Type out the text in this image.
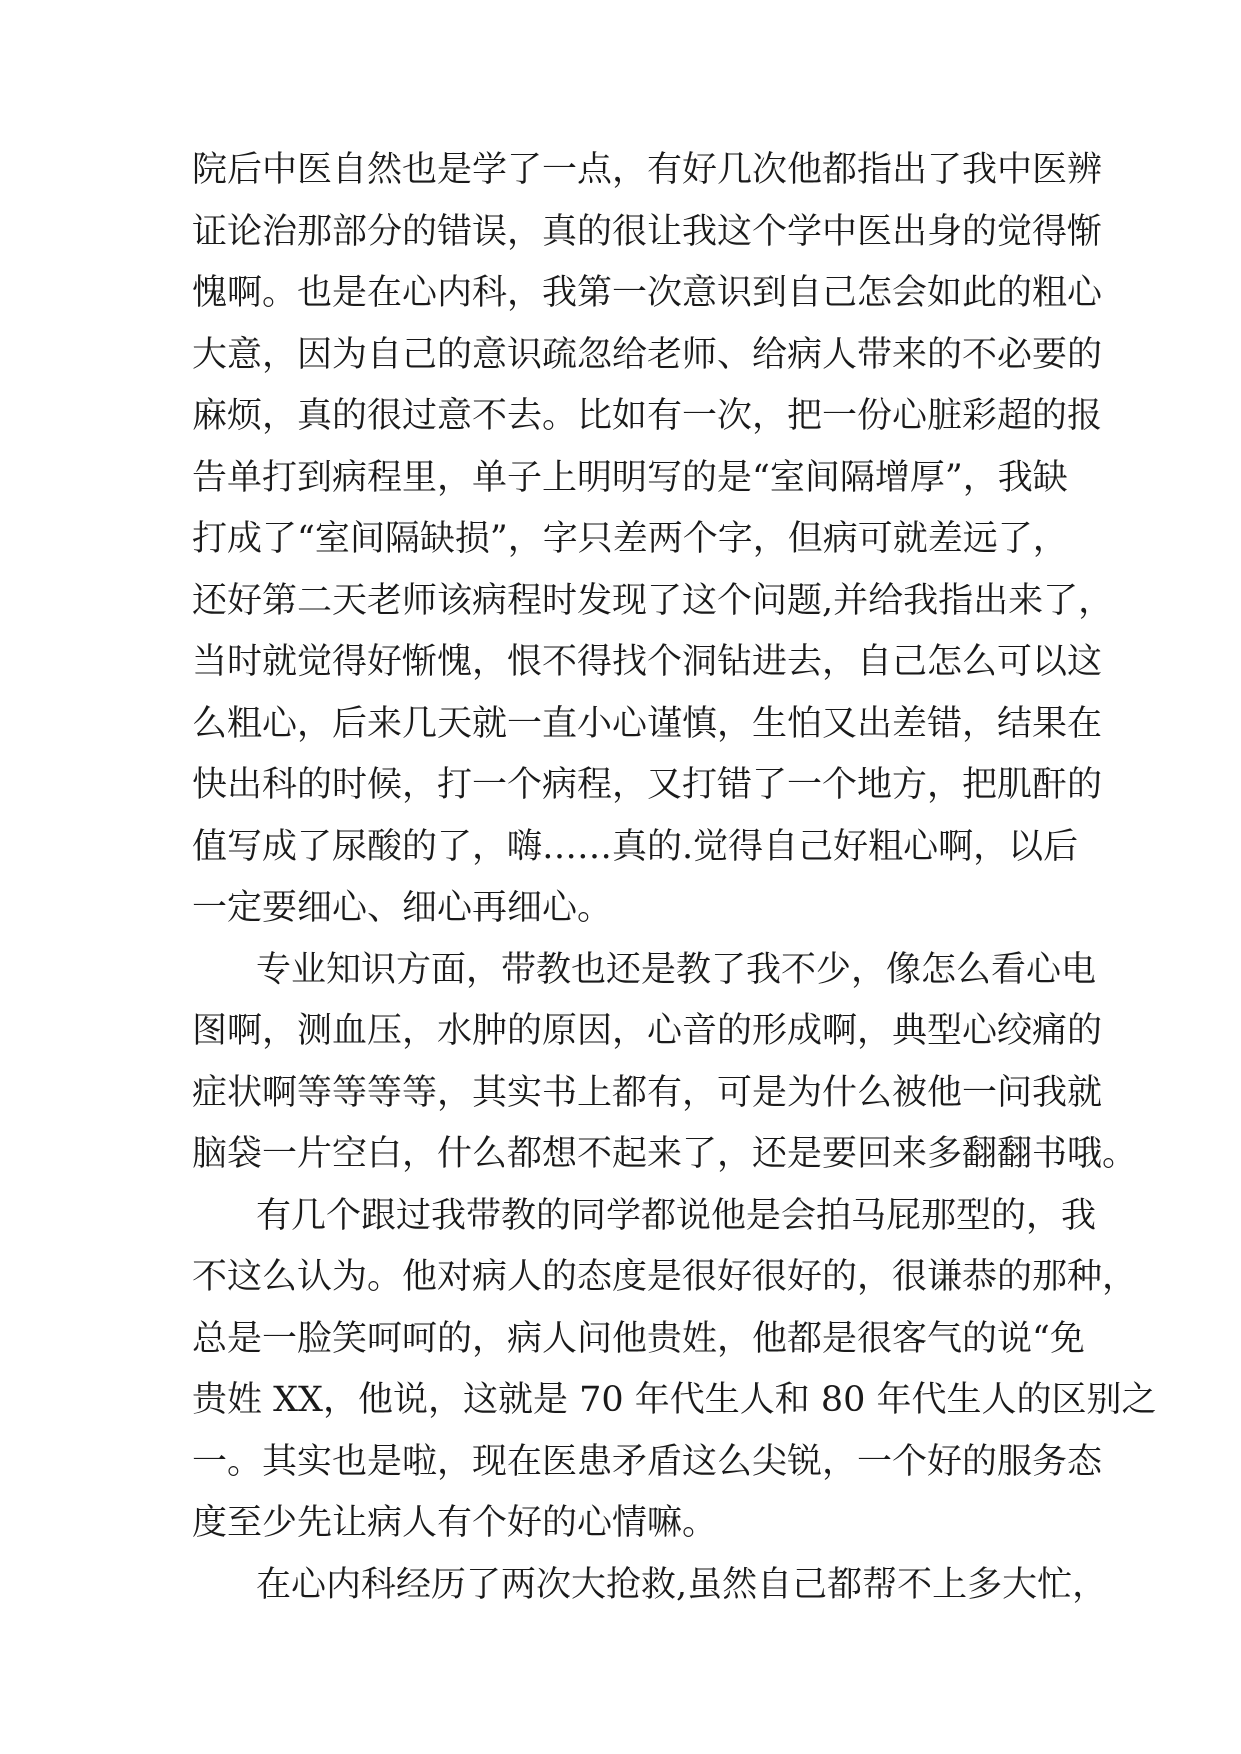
院后中医自然也是学了一点，有好几次他都指出了我中医辨
证论治那部分的错误，真的很让我这个学中医出身的觉得惭
愧啊。也是在心内科，我第一次意识到自己怎会如此的粗心
大意，因为自己的意识疏忽给老师、给病人带来的不必要的
麻烦，真的很过意不去。比如有一次，把一份心脏彩超的报
告单打到病程里，单子上明明写的是“室间隔增厚”，我缺
打成了“室间隔缺损”，字只差两个字，但病可就差远了，
还好第二天老师该病程时发现了这个问题,并给我指出来了，
当时就觉得好惭愧，恨不得找个洞钻进去，自己怎么可以这
么粗心，后来几天就一直小心谨慎，生怕又出差错，结果在
快出科的时候，打一个病程，又打错了一个地方，把肌酐的
值写成了尿酸的了，嗨……真的.觉得自己好粗心啊，以后
一定要细心、细心再细心。
专业知识方面，带教也还是教了我不少，像怎么看心电
图啊，测血压，水肿的原因，心音的形成啊，典型心绞痛的
症状啊等等等等，其实书上都有，可是为什么被他一问我就
脑袋一片空白，什么都想不起来了，还是要回来多翻翻书哦。
有几个跟过我带教的同学都说他是会拍马屁那型的，我
不这么认为。他对病人的态度是很好很好的，很谦恭的那种，
总是一脸笑呵呵的，病人问他贵姓，他都是很客气的说“免
贵姓 XX，他说，这就是 70 年代生人和 80 年代生人的区别之
一。其实也是啦，现在医患矛盾这么尖锐，一个好的服务态
度至少先让病人有个好的心情嘛。
在心内科经历了两次大抢救,虽然自己都帮不上多大忙，
